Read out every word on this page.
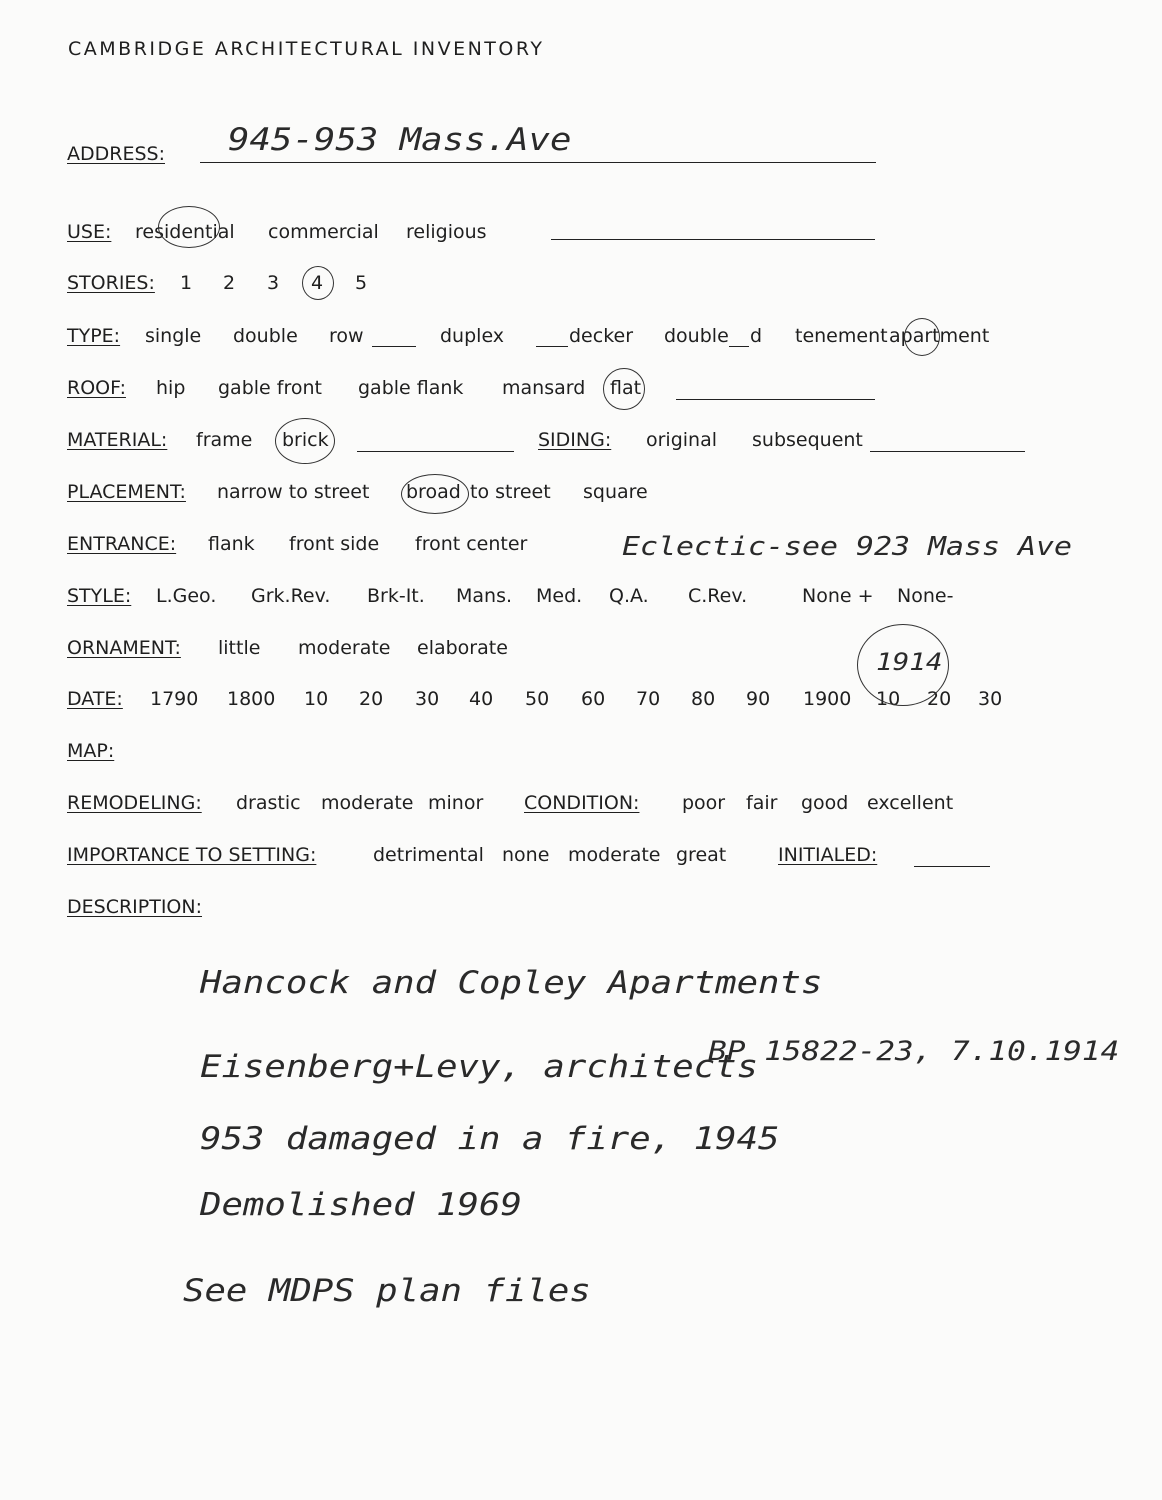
CAMBRIDGE ARCHITECTURAL INVENTORY
ADDRESS: 945-953 Mass.Ave
USE: residential commercial religious
STORIES: 1 2 3 4 5
TYPE: single double row	duplex	decker double d tenement apartment
ROOF: hip gable front gable flank mansard flat
MATERIAL: frame brick	SIDING: original subsequent
PLACEMENT: narrow to street broad to street square
ENTRANCE: flank front side front center	Eclectic-see 923 Mass Ave
STYLE: L.Geo. Grk.Rev. Brk-It. Mans. Med. Q.A. C.Rev.	None + None-
ORNAMENT: little moderate elaborate
DATE: 1790 1800 10 20 30 40 50 60 70 80 90 1900 10 20 30
1914
MAP:
REMODELING: drastic moderate minor CONDITION: poor fair good excellent
IMPORTANCE TO SETTING:	detrimental none moderate great	INITIALED:
DESCRIPTION:
Hancock and Copley Apartments
Eisenberg+Levy, architects
BP 15822-23, 7.10.1914
953 damaged in a fire, 1945
Demolished 1969
See MDPS plan files
